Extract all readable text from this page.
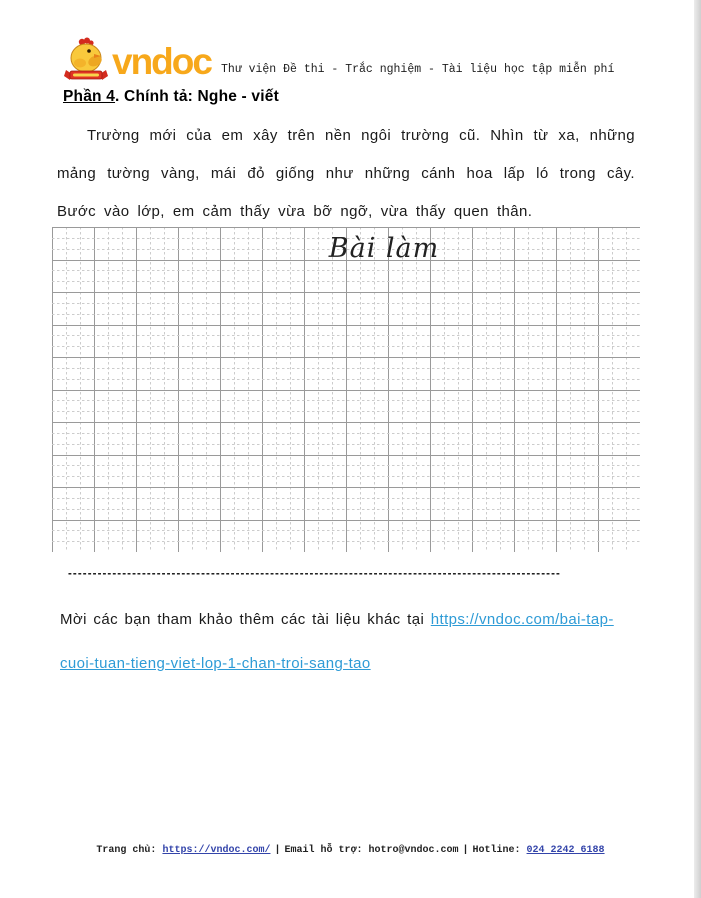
vndoc Thư viện Đề thi - Trắc nghiệm - Tài liệu học tập miễn phí
Phần 4. Chính tả: Nghe - viết
Trường mới của em xây trên nền ngôi trường cũ. Nhìn từ xa, những mảng tường vàng, mái đỏ giống như những cánh hoa lấp ló trong cây. Bước vào lớp, em cảm thấy vừa bỡ ngỡ, vừa thấy quen thân.
Bài làm
----------------------------------------------------------------------------------------------------
Mời các bạn tham khảo thêm các tài liệu khác tại https://vndoc.com/bai-tap-cuoi-tuan-tieng-viet-lop-1-chan-troi-sang-tao
Trang chủ: https://vndoc.com/ | Email hỗ trợ: hotro@vndoc.com | Hotline: 024 2242 6188
